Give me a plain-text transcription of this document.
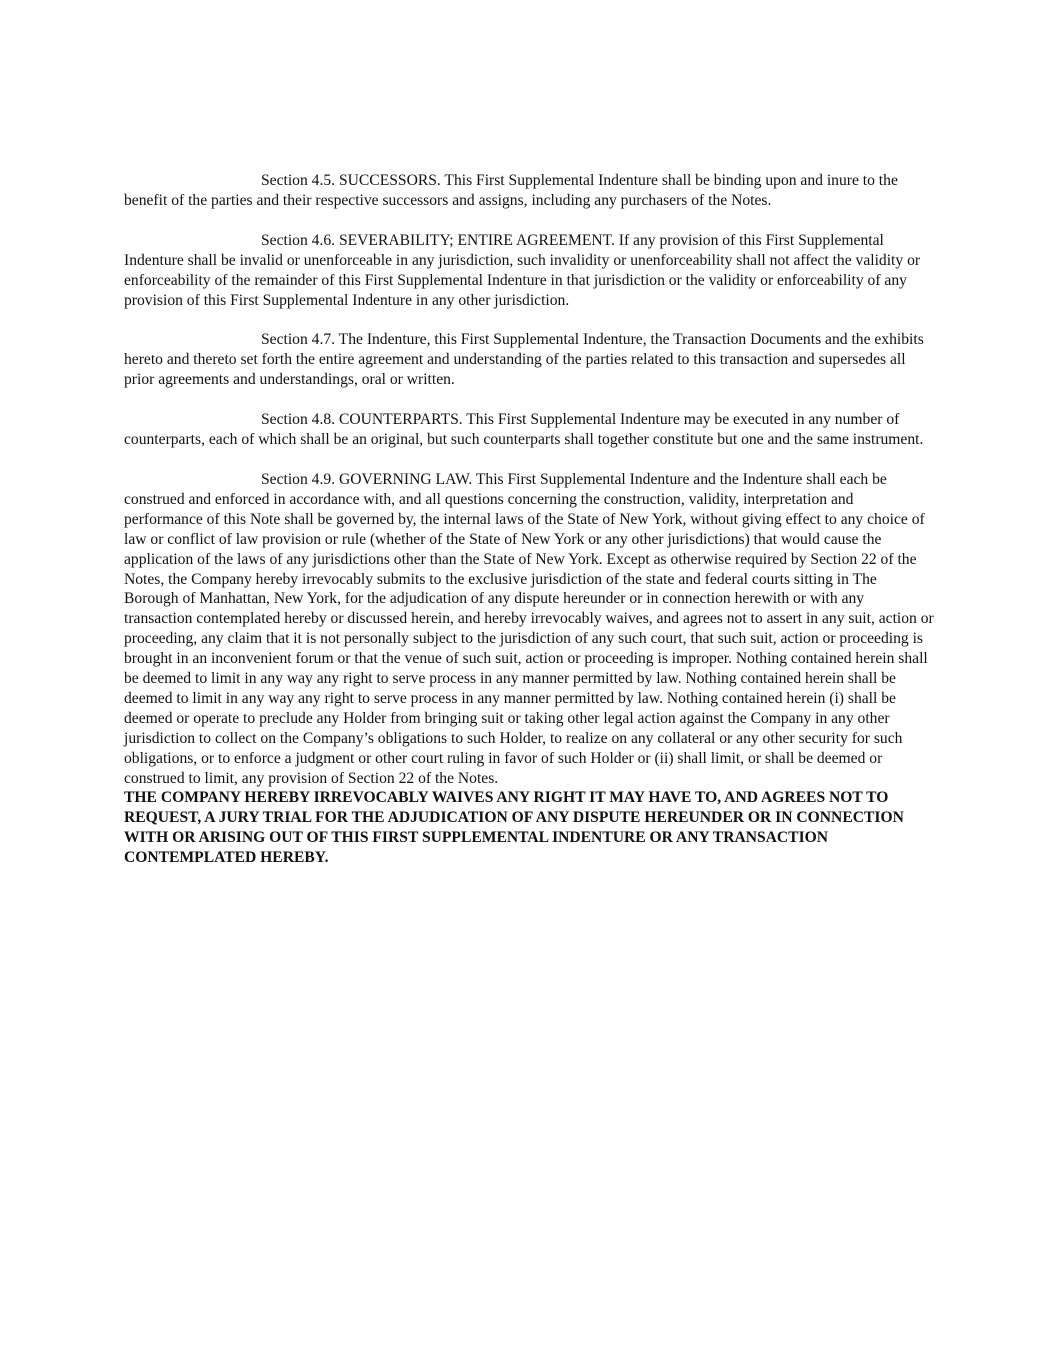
Section 4.5. SUCCESSORS. This First Supplemental Indenture shall be binding upon and inure to the benefit of the parties and their respective successors and assigns, including any purchasers of the Notes.

Section 4.6. SEVERABILITY; ENTIRE AGREEMENT. If any provision of this First Supplemental Indenture shall be invalid or unenforceable in any jurisdiction, such invalidity or unenforceability shall not affect the validity or enforceability of the remainder of this First Supplemental Indenture in that jurisdiction or the validity or enforceability of any provision of this First Supplemental Indenture in any other jurisdiction.

Section 4.7. The Indenture, this First Supplemental Indenture, the Transaction Documents and the exhibits hereto and thereto set forth the entire agreement and understanding of the parties related to this transaction and supersedes all prior agreements and understandings, oral or written.

Section 4.8. COUNTERPARTS. This First Supplemental Indenture may be executed in any number of counterparts, each of which shall be an original, but such counterparts shall together constitute but one and the same instrument.

Section 4.9. GOVERNING LAW. This First Supplemental Indenture and the Indenture shall each be construed and enforced in accordance with, and all questions concerning the construction, validity, interpretation and performance of this Note shall be governed by, the internal laws of the State of New York, without giving effect to any choice of law or conflict of law provision or rule (whether of the State of New York or any other jurisdictions) that would cause the application of the laws of any jurisdictions other than the State of New York. Except as otherwise required by Section 22 of the Notes, the Company hereby irrevocably submits to the exclusive jurisdiction of the state and federal courts sitting in The Borough of Manhattan, New York, for the adjudication of any dispute hereunder or in connection herewith or with any transaction contemplated hereby or discussed herein, and hereby irrevocably waives, and agrees not to assert in any suit, action or proceeding, any claim that it is not personally subject to the jurisdiction of any such court, that such suit, action or proceeding is brought in an inconvenient forum or that the venue of such suit, action or proceeding is improper. Nothing contained herein shall be deemed to limit in any way any right to serve process in any manner permitted by law. Nothing contained herein shall be deemed to limit in any way any right to serve process in any manner permitted by law. Nothing contained herein (i) shall be deemed or operate to preclude any Holder from bringing suit or taking other legal action against the Company in any other jurisdiction to collect on the Company’s obligations to such Holder, to realize on any collateral or any other security for such obligations, or to enforce a judgment or other court ruling in favor of such Holder or (ii) shall limit, or shall be deemed or construed to limit, any provision of Section 22 of the Notes.
THE COMPANY HEREBY IRREVOCABLY WAIVES ANY RIGHT IT MAY HAVE TO, AND AGREES NOT TO REQUEST, A JURY TRIAL FOR THE ADJUDICATION OF ANY DISPUTE HEREUNDER OR IN CONNECTION WITH OR ARISING OUT OF THIS FIRST SUPPLEMENTAL INDENTURE OR ANY TRANSACTION CONTEMPLATED HEREBY.
